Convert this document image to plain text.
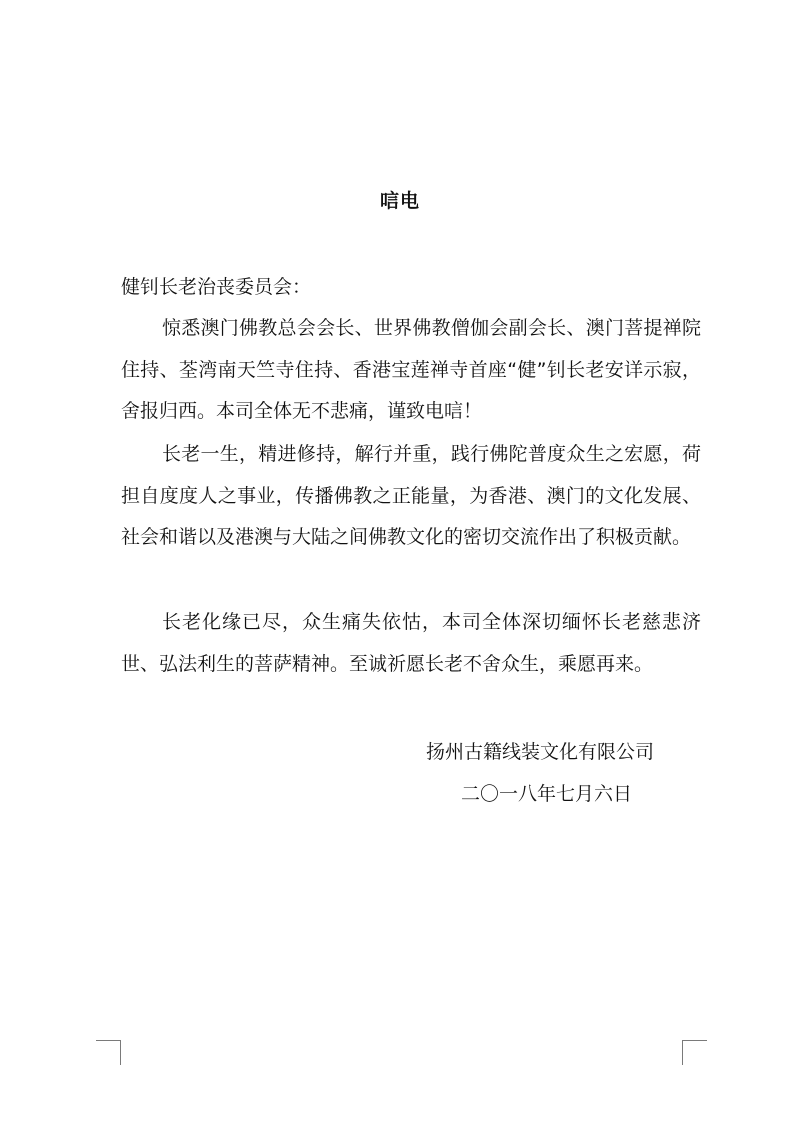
唁电
健钊长老治丧委员会：

惊悉澳门佛教总会会长、世界佛教僧伽会副会长、澳门菩提禅院住持、荃湾南天竺寺住持、香港宝莲禅寺首座“健”钊长老安详示寂，舍报归西。本司全体无不悲痛，谨致电唁！

长老一生，精进修持，解行并重，践行佛陀普度众生之宏愿，荷担自度度人之事业，传播佛教之正能量，为香港、澳门的文化发展、社会和谐以及港澳与大陆之间佛教文化的密切交流作出了积极贡献。

长老化缘已尽，众生痛失依怙，本司全体深切缅怀长老慈悲济世、弘法利生的菩萨精神。至诚祈愿长老不舍众生，乘愿再来。

扬州古籍线装文化有限公司
二〇一八年七月六日
